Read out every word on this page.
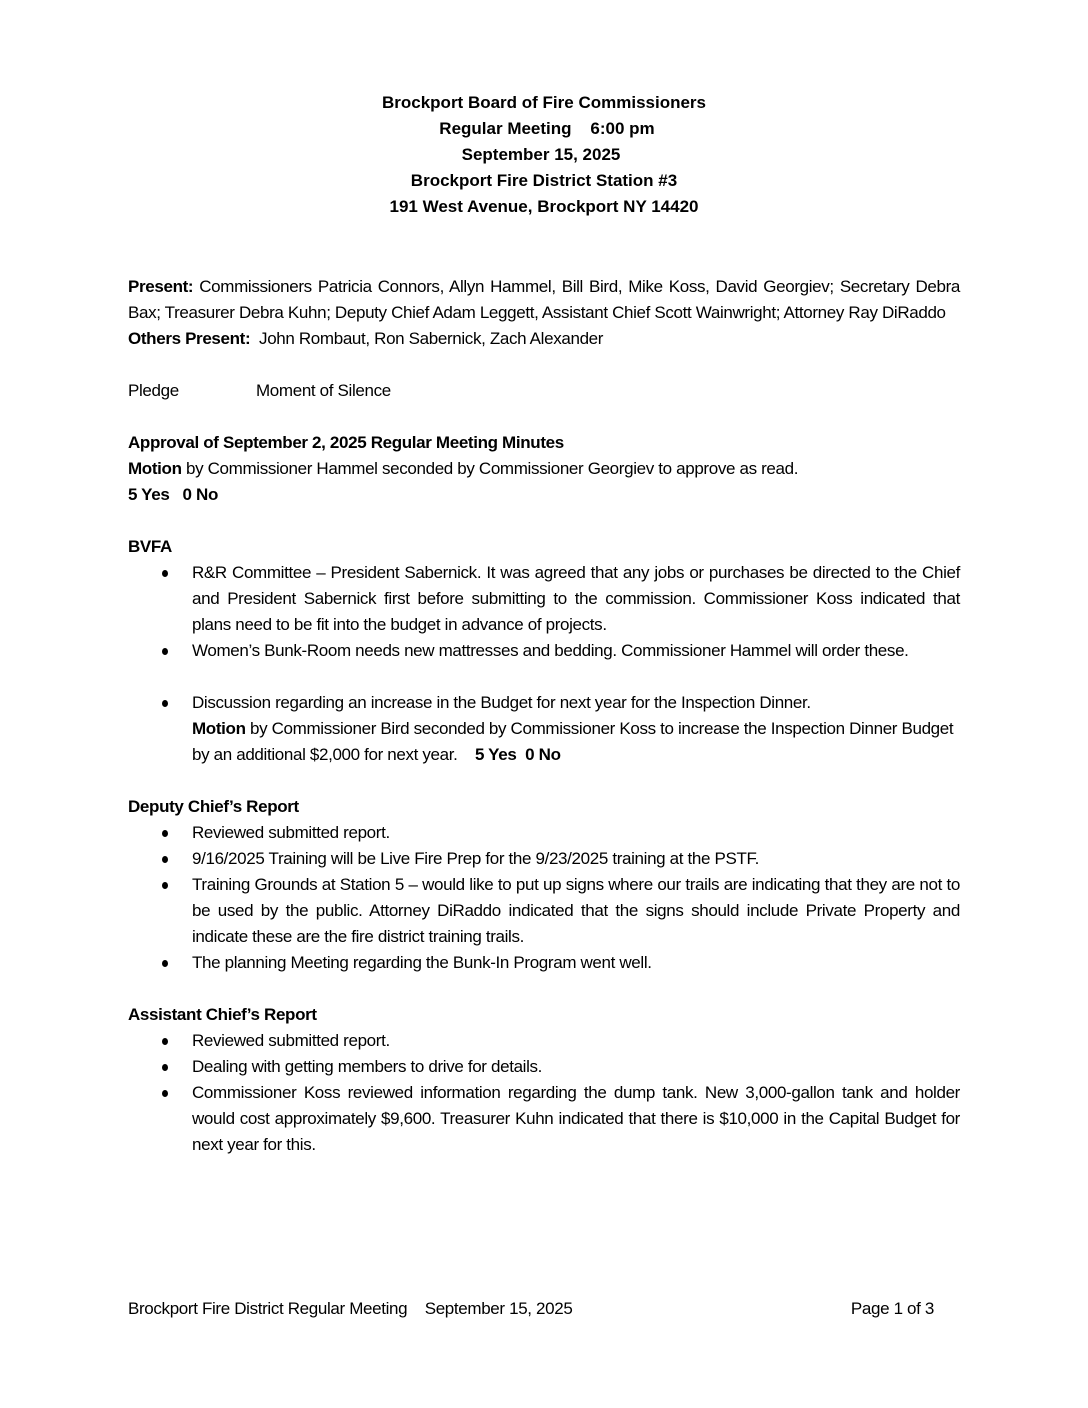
Brockport Board of Fire Commissioners
Regular Meeting    6:00 pm
September 15, 2025
Brockport Fire District Station #3
191 West Avenue, Brockport NY 14420
Present: Commissioners Patricia Connors, Allyn Hammel, Bill Bird, Mike Koss, David Georgiev; Secretary Debra Bax; Treasurer Debra Kuhn; Deputy Chief Adam Leggett, Assistant Chief Scott Wainwright; Attorney Ray DiRaddo
Others Present:  John Rombaut, Ron Sabernick, Zach Alexander
Pledge	Moment of Silence
Approval of September 2, 2025 Regular Meeting Minutes
Motion by Commissioner Hammel seconded by Commissioner Georgiev to approve as read.
5 Yes   0 No
BVFA
R&R Committee – President Sabernick. It was agreed that any jobs or purchases be directed to the Chief and President Sabernick first before submitting to the commission. Commissioner Koss indicated that plans need to be fit into the budget in advance of projects.
Women’s Bunk-Room needs new mattresses and bedding. Commissioner Hammel will order these.
Discussion regarding an increase in the Budget for next year for the Inspection Dinner.
Motion by Commissioner Bird seconded by Commissioner Koss to increase the Inspection Dinner Budget by an additional $2,000 for next year.    5 Yes  0 No
Deputy Chief’s Report
Reviewed submitted report.
9/16/2025 Training will be Live Fire Prep for the 9/23/2025 training at the PSTF.
Training Grounds at Station 5 – would like to put up signs where our trails are indicating that they are not to be used by the public. Attorney DiRaddo indicated that the signs should include Private Property and indicate these are the fire district training trails.
The planning Meeting regarding the Bunk-In Program went well.
Assistant Chief’s Report
Reviewed submitted report.
Dealing with getting members to drive for details.
Commissioner Koss reviewed information regarding the dump tank. New 3,000-gallon tank and holder would cost approximately $9,600. Treasurer Kuhn indicated that there is $10,000 in the Capital Budget for next year for this.
Brockport Fire District Regular Meeting    September 15, 2025	Page 1 of 3
